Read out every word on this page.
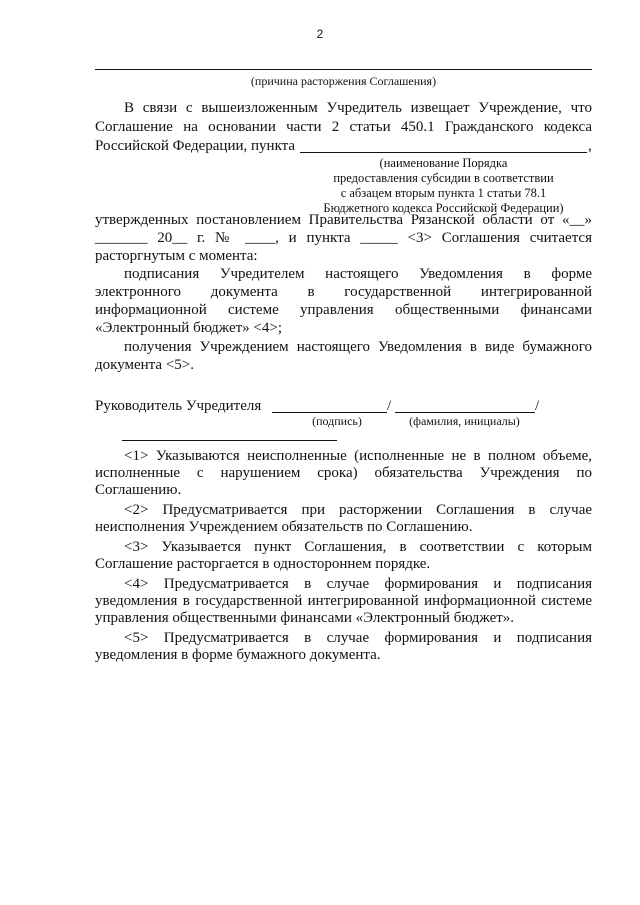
2
(причина расторжения Соглашения)
В связи с вышеизложенным Учредитель извещает Учреждение, что
Соглашение на основании части 2 статьи 450.1 Гражданского кодекса
Российской Федерации, пункта	,
(наименование Порядка
предоставления субсидии в соответствии
с абзацем вторым пункта 1 статьи 78.1
Бюджетного кодекса Российской Федерации)
утвержденных постановлением Правительства Рязанской области от «__»
_______ 20__ г. № ____, и пункта _____ <3> Соглашения считается
расторгнутым с момента:
подписания Учредителем настоящего Уведомления в форме
электронного документа в государственной интегрированной
информационной системе управления общественными финансами
«Электронный бюджет» <4>;
получения Учреждением настоящего Уведомления в виде бумажного
документа <5>.
Руководитель Учредителя	/	/
(подпись)	(фамилия, инициалы)
<1> Указываются неисполненные (исполненные не в полном объеме,
исполненные с нарушением срока) обязательства Учреждения по
Соглашению.
<2> Предусматривается при расторжении Соглашения в случае
неисполнения Учреждением обязательств по Соглашению.
<3> Указывается пункт Соглашения, в соответствии с которым
Соглашение расторгается в одностороннем порядке.
<4> Предусматривается в случае формирования и подписания
уведомления в государственной интегрированной информационной системе
управления общественными финансами «Электронный бюджет».
<5> Предусматривается в случае формирования и подписания
уведомления в форме бумажного документа.
